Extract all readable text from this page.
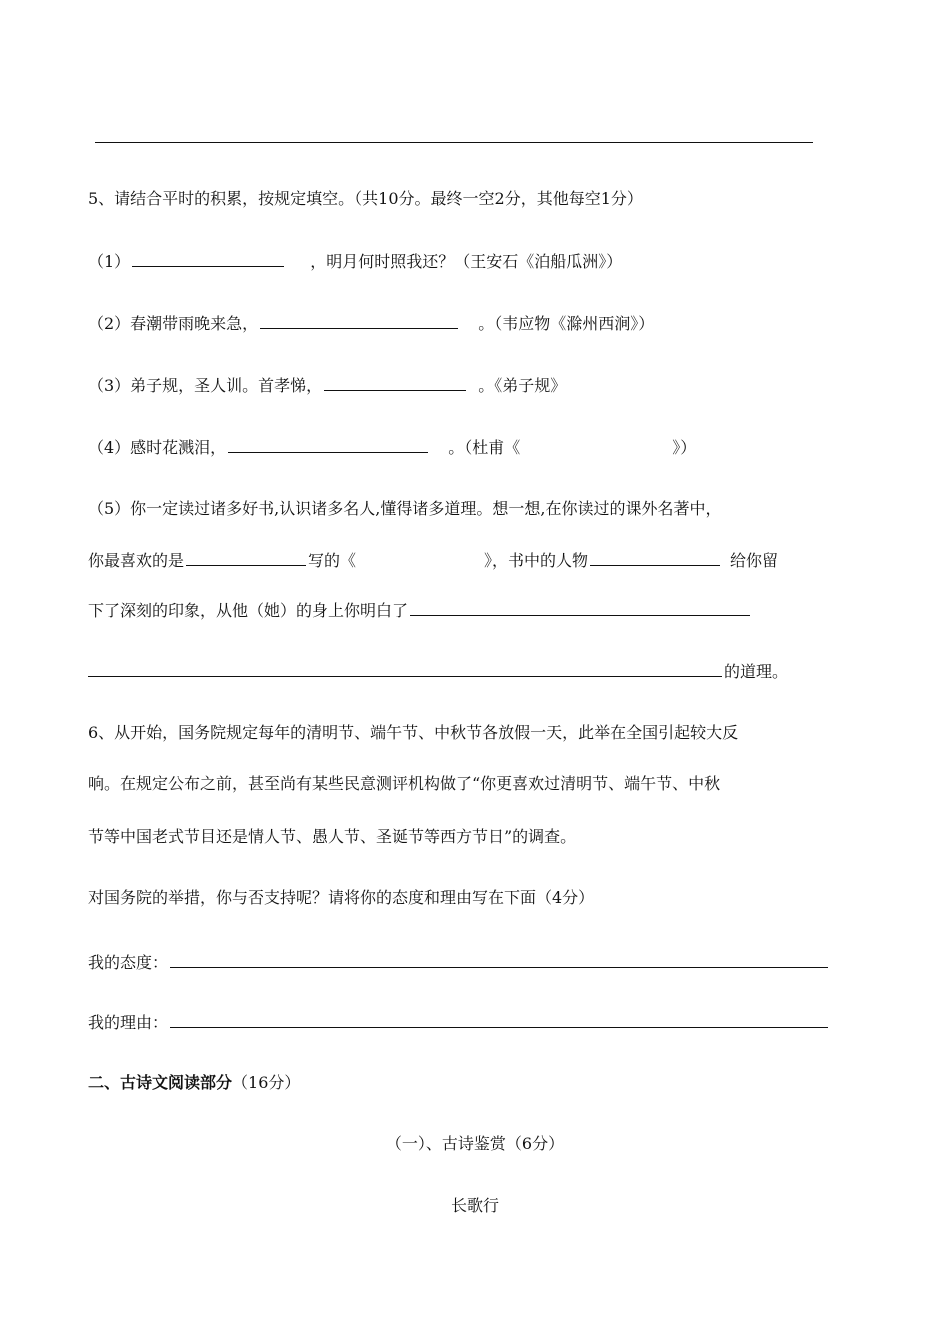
5、请结合平时的积累，按规定填空。（共10分。最终一空2分，其他每空1分）
（1）	，明月何时照我还？（王安石《泊船瓜洲》）
（2）春潮带雨晚来急，	。（韦应物《滁州西涧》）
（3）弟子规，圣人训。首孝悌，	。《弟子规》
（4）感时花溅泪，	。（杜甫《	》）
（5）你一定读过诸多好书,认识诸多名人,懂得诸多道理。想一想,在你读过的课外名著中，
你最喜欢的是	写的《	》，书中的人物	给你留
下了深刻的印象，从他（她）的身上你明白了
的道理。
6、从开始，国务院规定每年的清明节、端午节、中秋节各放假一天，此举在全国引起较大反
响。在规定公布之前，甚至尚有某些民意测评机构做了“你更喜欢过清明节、端午节、中秋
节等中国老式节目还是情人节、愚人节、圣诞节等西方节日”的调查。
对国务院的举措，你与否支持呢？请将你的态度和理由写在下面（4分）
我的态度：
我的理由：
二、古诗文阅读部分（16分）
（一）、古诗鉴赏（6分）
长歌行
